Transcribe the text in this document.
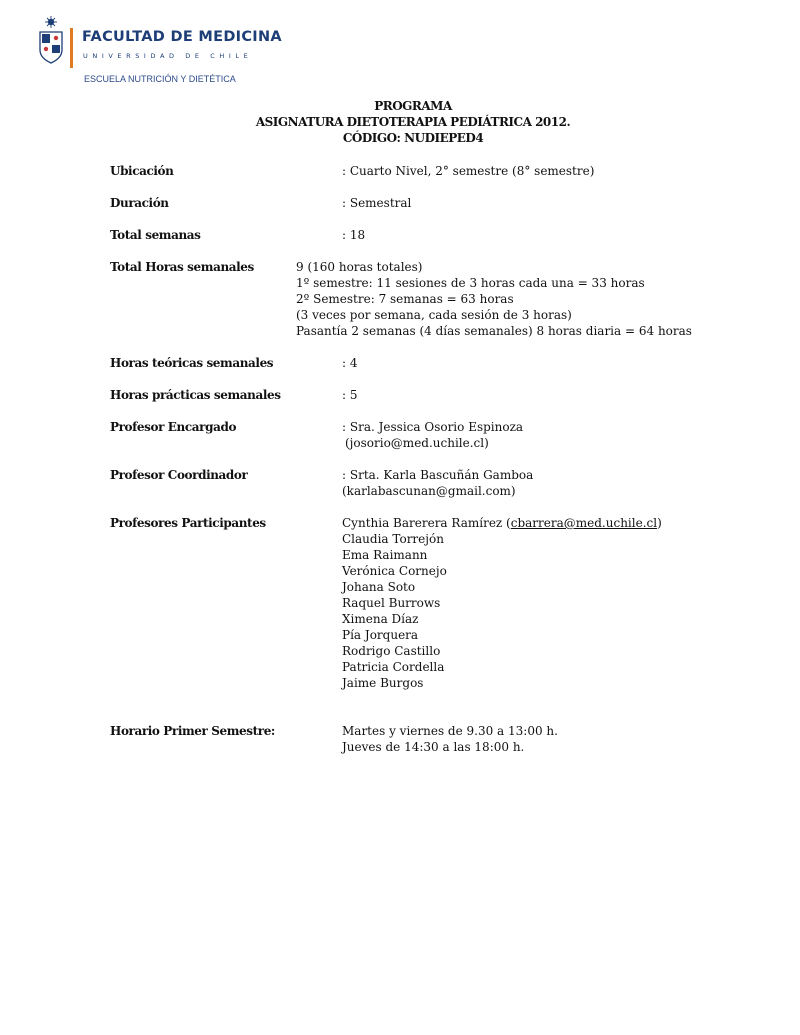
FACULTAD DE MEDICINA
UNIVERSIDAD DE CHILE
ESCUELA NUTRICIÓN Y DIETÉTICA
PROGRAMA
ASIGNATURA DIETOTERAPIA PEDIÁTRICA 2012.
CÓDIGO: NUDIEPED4
Ubicación	: Cuarto Nivel, 2° semestre (8° semestre)
Duración	: Semestral
Total semanas	: 18
Total Horas semanales	9 (160 horas totales)
1º semestre: 11 sesiones de 3 horas cada una = 33 horas
2º Semestre: 7 semanas = 63 horas
(3 veces por semana, cada sesión de 3 horas)
Pasantía 2 semanas (4 días semanales) 8 horas diaria = 64 horas
Horas teóricas semanales	: 4
Horas prácticas semanales	: 5
Profesor Encargado	: Sra. Jessica Osorio Espinoza
(josorio@med.uchile.cl)
Profesor Coordinador	: Srta. Karla Bascuñán Gamboa
(karlabascunan@gmail.com)
Profesores Participantes	Cynthia Barerera Ramírez (cbarrera@med.uchile.cl)
Claudia Torrejón
Ema Raimann
Verónica Cornejo
Johana Soto
Raquel Burrows
Ximena Díaz
Pía Jorquera
Rodrigo Castillo
Patricia Cordella
Jaime Burgos
Horario Primer Semestre:	Martes y viernes de 9.30 a 13:00 h.
Jueves de 14:30 a las 18:00 h.
